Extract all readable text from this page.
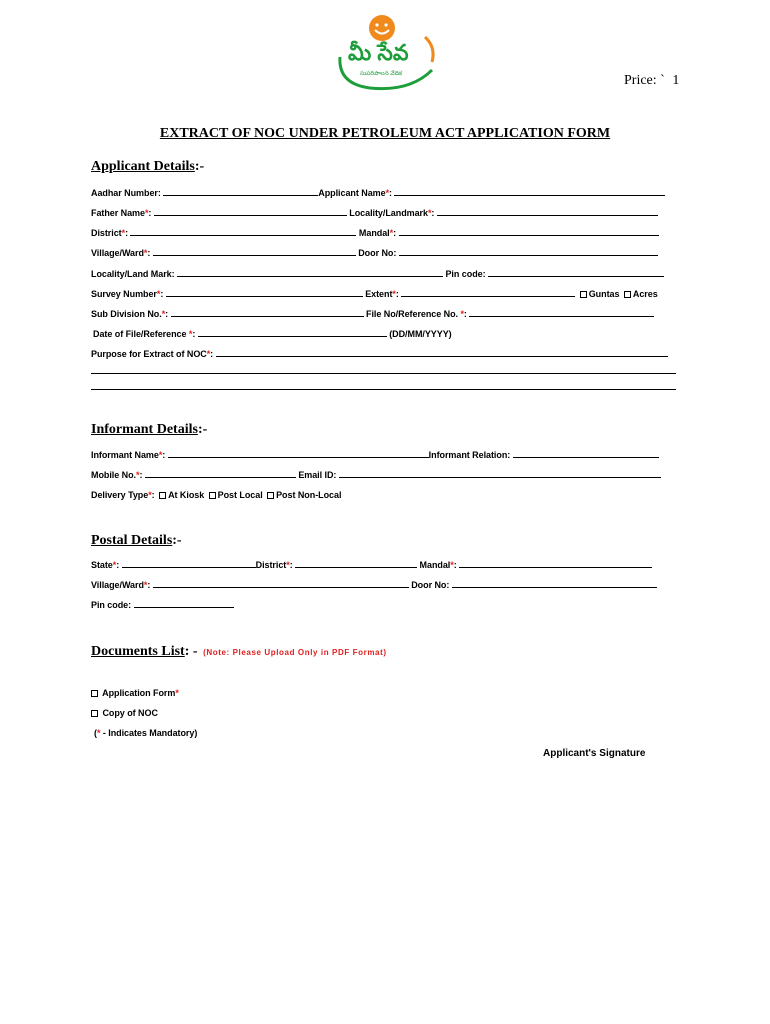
మీ సేవ
సుపరిపాలన వేదిక	Price: ` 1
EXTRACT OF NOC UNDER PETROLEUM ACT APPLICATION FORM
Applicant Details:-
Aadhar Number:	Applicant Name*:
Father Name*:	Locality/Landmark*:
District*:	Mandal*:
Village/Ward*:	Door No:
Locality/Land Mark:	Pin code:
Survey Number*:	Extent*:	Guntas Acres
Sub Division No.*:	File No/Reference No. *:
Date of File/Reference *:	(DD/MM/YYYY)
Purpose for Extract of NOC*:
Informant Details:-
Informant Name*:	Informant Relation:
Mobile No.*:	Email ID:
Delivery Type*: At Kiosk Post Local Post Non-Local
Postal Details:-
State*:	District*:	Mandal*:
Village/Ward*:	Door No:
Pin code:
Documents List: - (Note: Please Upload Only in PDF Format)
Application Form*
Copy of NOC
(* - Indicates Mandatory)
Applicant's Signature
